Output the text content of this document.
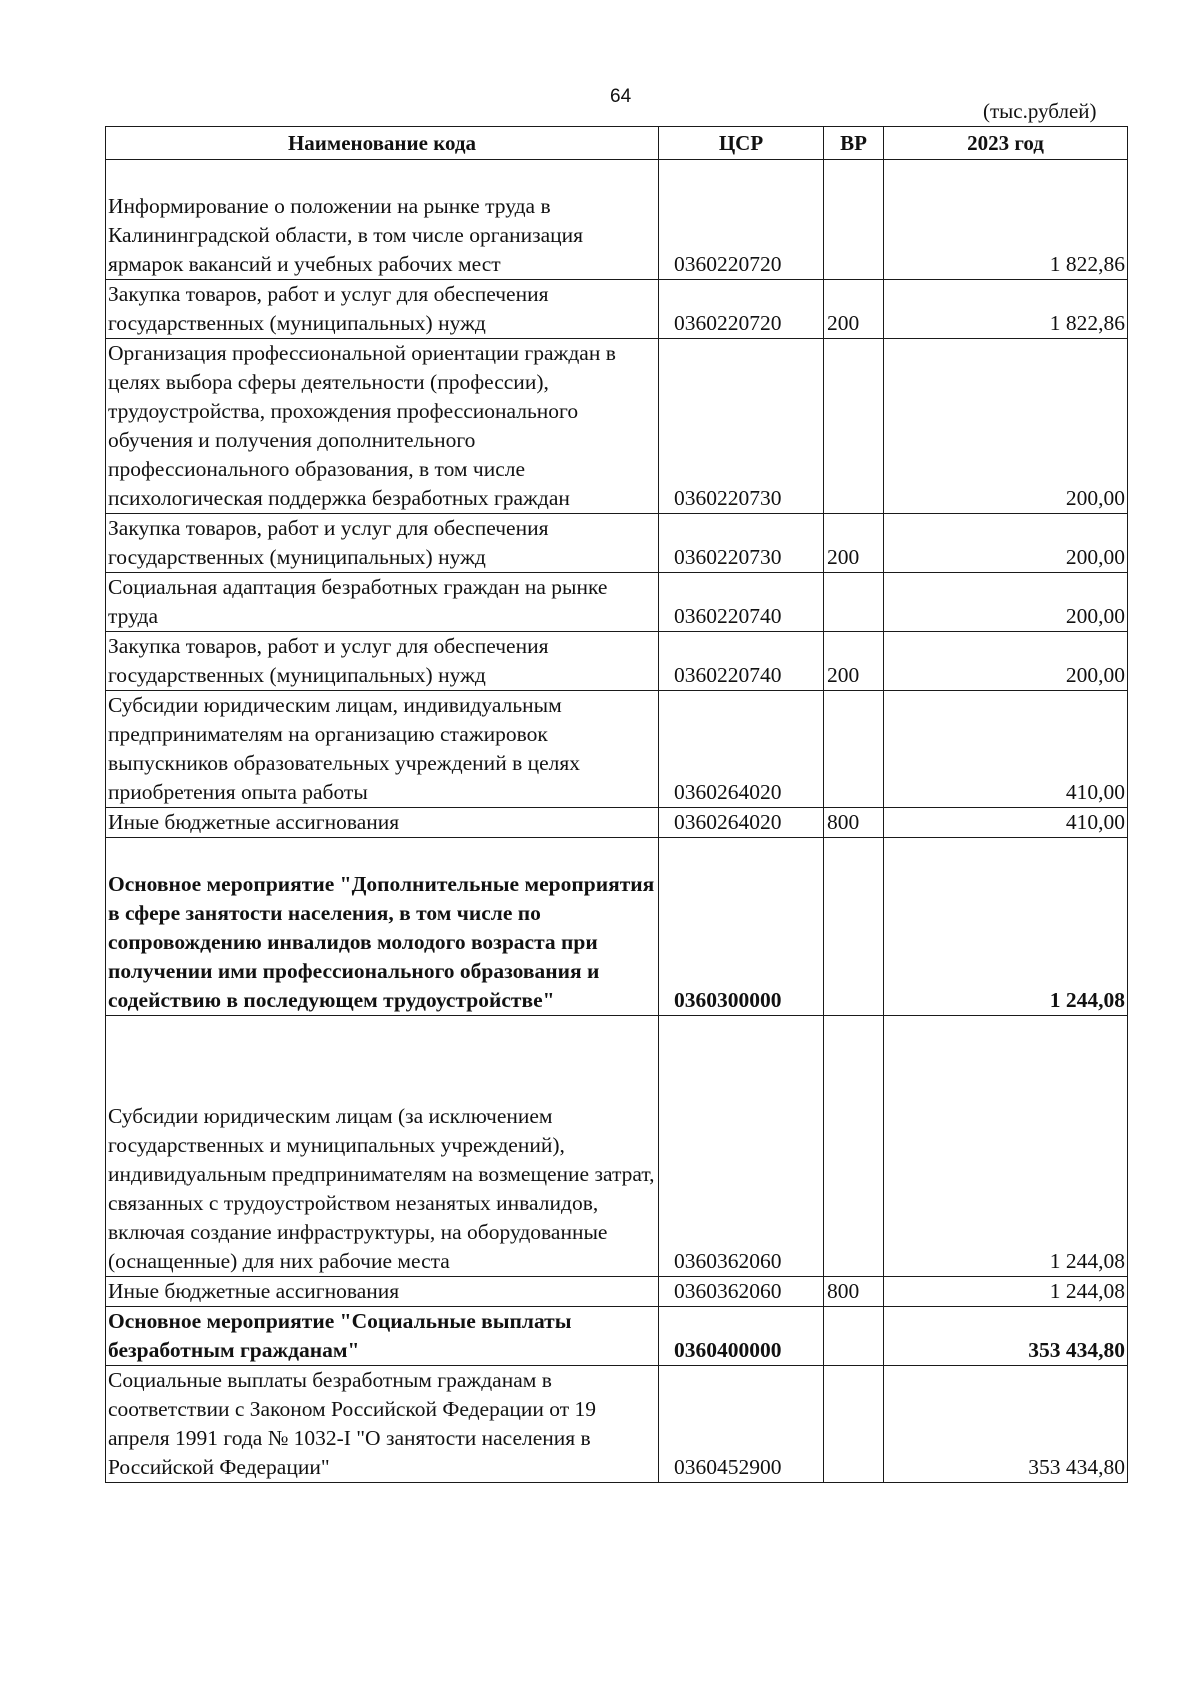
64
(тыс.рублей)
Наименование кода	ЦСР	ВР	2023 год
Информирование о положении на рынке труда в Калининградской области, в том числе организация ярмарок вакансий и учебных рабочих мест	0360220720		1 822,86
Закупка товаров, работ и услуг для обеспечения государственных (муниципальных) нужд	0360220720	200	1 822,86
Организация профессиональной ориентации граждан в целях выбора сферы деятельности (профессии), трудоустройства, прохождения профессионального обучения и получения дополнительного профессионального образования, в том числе психологическая поддержка безработных граждан	0360220730		200,00
Закупка товаров, работ и услуг для обеспечения государственных (муниципальных) нужд	0360220730	200	200,00
Социальная адаптация безработных граждан на рынке труда	0360220740		200,00
Закупка товаров, работ и услуг для обеспечения государственных (муниципальных) нужд	0360220740	200	200,00
Субсидии юридическим лицам, индивидуальным предпринимателям на организацию стажировок выпускников образовательных учреждений в целях приобретения опыта работы	0360264020		410,00
Иные бюджетные ассигнования	0360264020	800	410,00
Основное мероприятие "Дополнительные мероприятия в сфере занятости населения, в том числе по сопровождению инвалидов молодого возраста при получении ими профессионального образования и содействию в последующем трудоустройстве"	0360300000		1 244,08
Субсидии юридическим лицам (за исключением государственных и муниципальных учреждений), индивидуальным предпринимателям на возмещение затрат, связанных с трудоустройством незанятых инвалидов, включая создание инфраструктуры, на оборудованные (оснащенные) для них рабочие места	0360362060		1 244,08
Иные бюджетные ассигнования	0360362060	800	1 244,08
Основное мероприятие "Социальные выплаты безработным гражданам"	0360400000		353 434,80
Социальные выплаты безработным гражданам в соответствии с Законом Российской Федерации от 19 апреля 1991 года № 1032-I "О занятости населения в Российской Федерации"	0360452900		353 434,80
